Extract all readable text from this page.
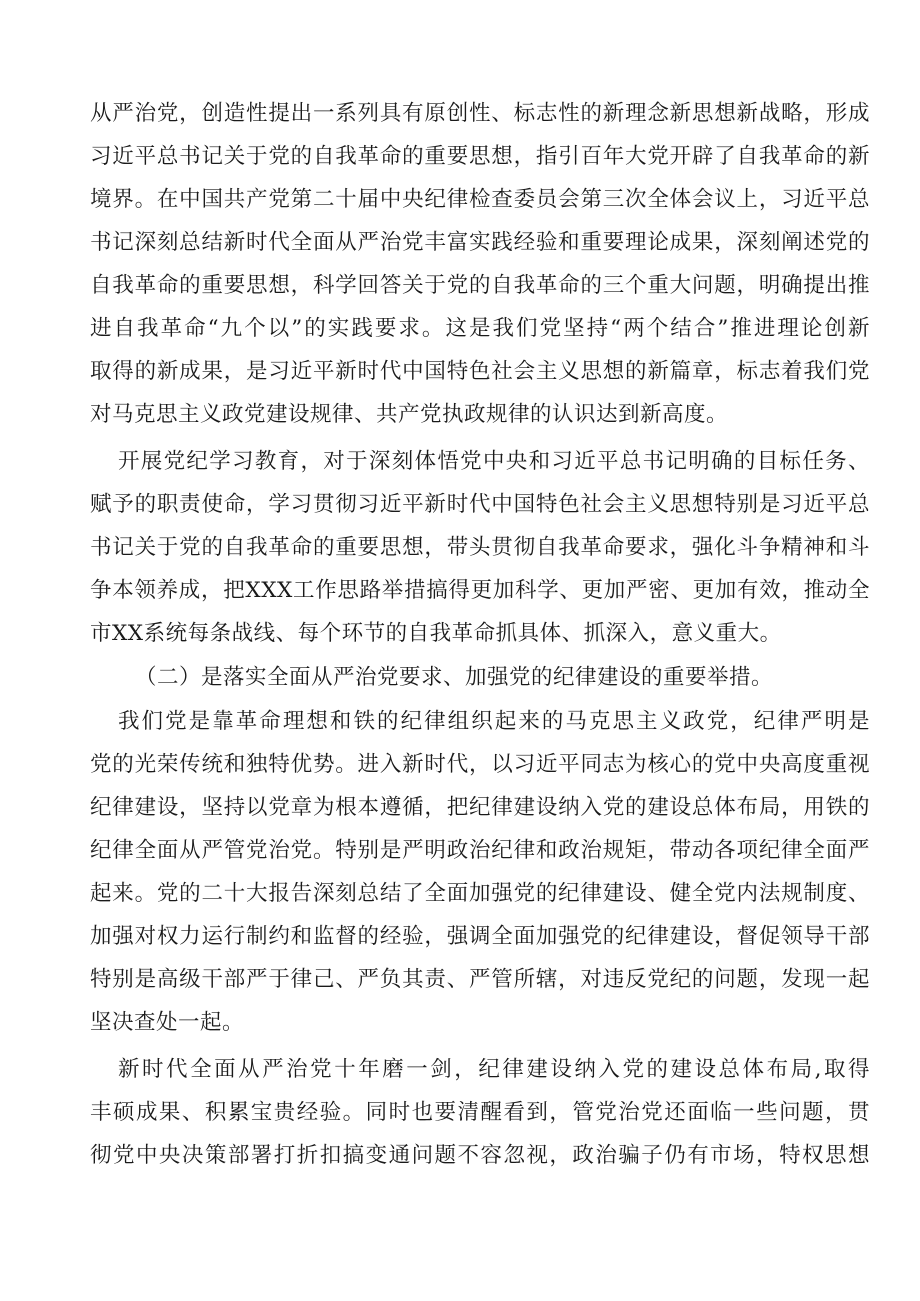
从严治党，创造性提出一系列具有原创性、标志性的新理念新思想新战略，形成
习近平总书记关于党的自我革命的重要思想，指引百年大党开辟了自我革命的新
境界。在中国共产党第二十届中央纪律检查委员会第三次全体会议上，习近平总
书记深刻总结新时代全面从严治党丰富实践经验和重要理论成果，深刻阐述党的
自我革命的重要思想，科学回答关于党的自我革命的三个重大问题，明确提出推
进自我革命“九个以”的实践要求。这是我们党坚持“两个结合”推进理论创新
取得的新成果，是习近平新时代中国特色社会主义思想的新篇章，标志着我们党
对马克思主义政党建设规律、共产党执政规律的认识达到新高度。
开展党纪学习教育，对于深刻体悟党中央和习近平总书记明确的目标任务、
赋予的职责使命，学习贯彻习近平新时代中国特色社会主义思想特别是习近平总
书记关于党的自我革命的重要思想，带头贯彻自我革命要求，强化斗争精神和斗
争本领养成，把XXX工作思路举措搞得更加科学、更加严密、更加有效，推动全
市XX系统每条战线、每个环节的自我革命抓具体、抓深入，意义重大。
（二）是落实全面从严治党要求、加强党的纪律建设的重要举措。
我们党是靠革命理想和铁的纪律组织起来的马克思主义政党，纪律严明是
党的光荣传统和独特优势。进入新时代，以习近平同志为核心的党中央高度重视
纪律建设，坚持以党章为根本遵循，把纪律建设纳入党的建设总体布局，用铁的
纪律全面从严管党治党。特别是严明政治纪律和政治规矩，带动各项纪律全面严
起来。党的二十大报告深刻总结了全面加强党的纪律建设、健全党内法规制度、
加强对权力运行制约和监督的经验，强调全面加强党的纪律建设，督促领导干部
特别是高级干部严于律己、严负其责、严管所辖，对违反党纪的问题，发现一起
坚决查处一起。
新时代全面从严治党十年磨一剑，纪律建设纳入党的建设总体布局,取得
丰硕成果、积累宝贵经验。同时也要清醒看到，管党治党还面临一些问题，贯
彻党中央决策部署打折扣搞变通问题不容忽视，政治骗子仍有市场，特权思想
